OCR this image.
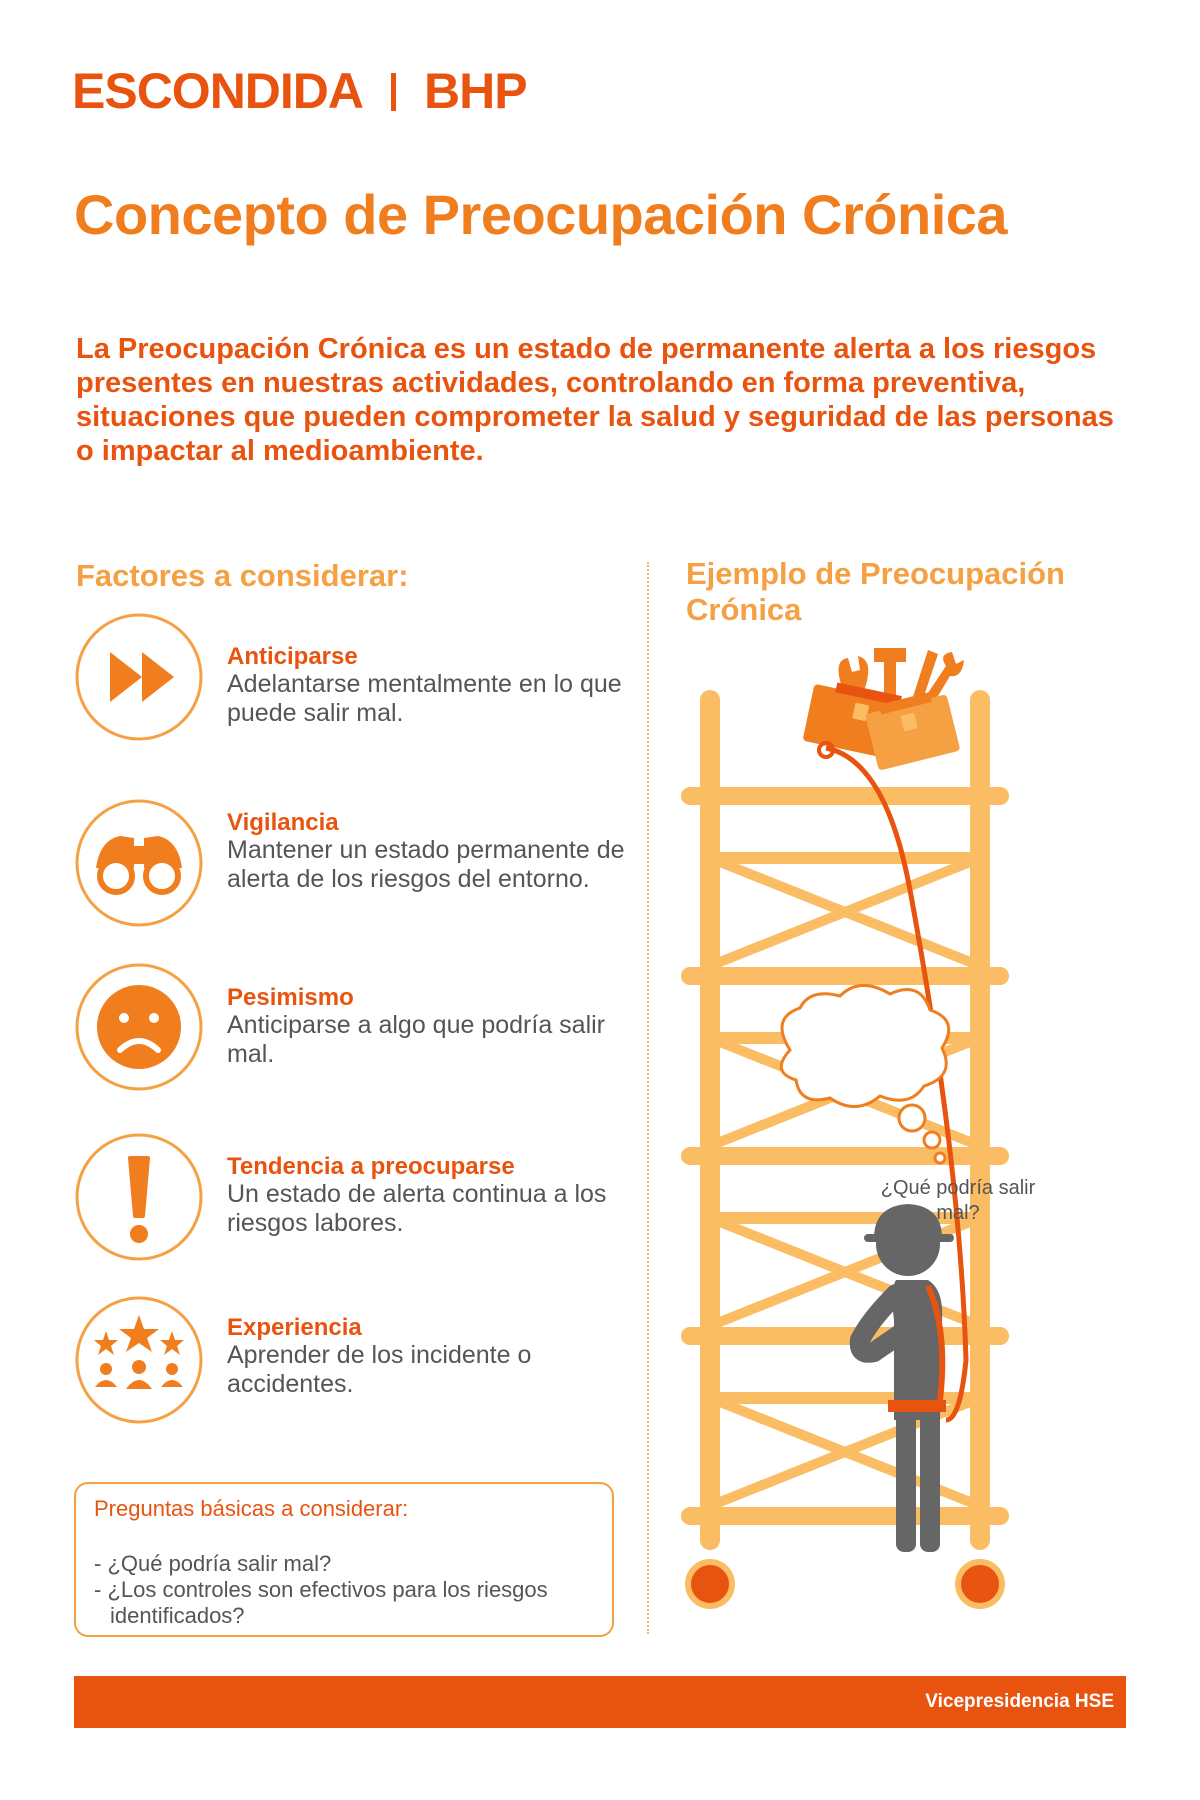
ESCONDIDA BHP
Concepto de Preocupación Crónica
La Preocupación Crónica es un estado de permanente alerta a los riesgos presentes en nuestras actividades, controlando en forma preventiva, situaciones que pueden comprometer la salud y seguridad de las personas o impactar al medioambiente.
Factores a considerar:	Ejemplo de Preocupación Crónica
Anticiparse
Adelantarse mentalmente en lo que puede salir mal.
Vigilancia
Mantener un estado permanente de alerta de los riesgos del entorno.
Pesimismo
Anticiparse a algo que podría salir mal.
Tendencia a preocuparse
Un estado de alerta continua a los riesgos labores.
Experiencia
Aprender de los incidente o accidentes.
Preguntas básicas a considerar:
- ¿Qué podría salir mal?
- ¿Los controles son efectivos para los riesgos identificados?
¿Qué podría salir mal?
Vicepresidencia HSE
